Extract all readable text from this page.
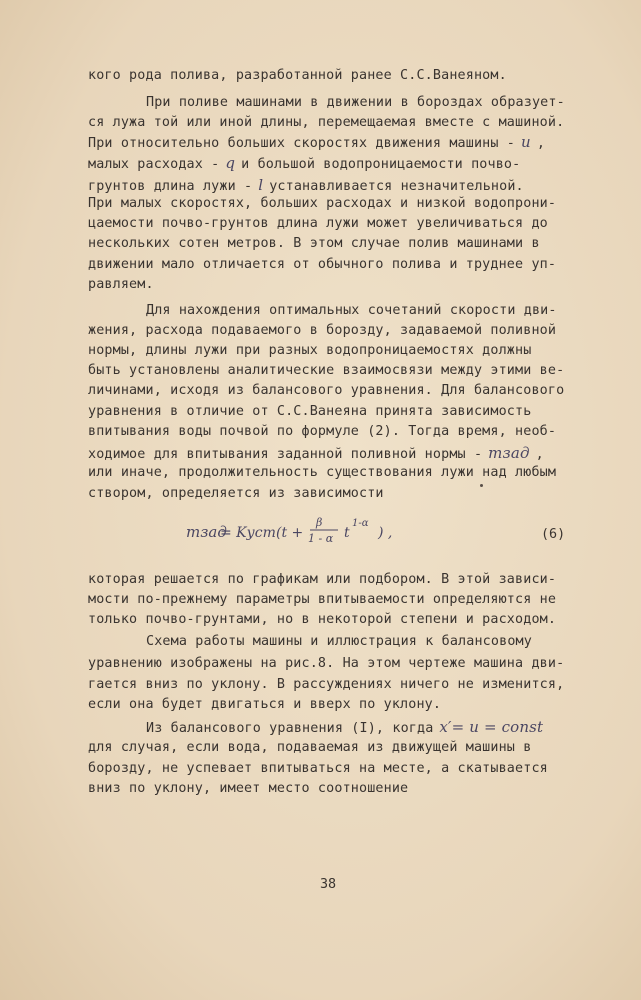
кого рода полива, разработанной ранее С.С.Ванеяном.
При поливе машинами в движении в бороздах образует-
ся лужа той или иной длины, перемещаемая вместе с машиной.
При относительно больших скоростях движения машины - u ,
малых расходах - q и большой водопроницаемости почво-
грунтов длина лужи - l устанавливается незначительной.
При малых скоростях, больших расходах и низкой водопрони-
цаемости почво-грунтов длина лужи может увеличиваться до
нескольких сотен метров. В этом случае полив машинами в
движении мало отличается от обычного полива и труднее уп-
равляем.
Для нахождения оптимальных сочетаний скорости дви-
жения, расхода подаваемого в борозду, задаваемой поливной
нормы, длины лужи при разных водопроницаемостях должны
быть установлены аналитические взаимосвязи между этими ве-
личинами, исходя из балансового уравнения. Для балансового
уравнения в отличие от С.С.Ванеяна принята зависимость
впитывания воды почвой по формуле (2). Тогда время, необ-
ходимое для впитывания заданной поливной нормы - mзад ,
или иначе, продолжительность существования лужи над любым
створом, определяется из зависимости
которая решается по графикам или подбором. В этой зависи-
мости по-прежнему параметры впитываемости определяются не
только почво-грунтами, но в некоторой степени и расходом.
Схема работы машины и иллюстрация к балансовому
уравнению изображены на рис.8. На этом чертеже машина дви-
гается вниз по уклону. В рассуждениях ничего не изменится,
если она будет двигаться и вверх по уклону.
Из балансового уравнения (I), когда x′= u = const
для случая, если вода, подаваемая из движущей машины в
борозду, не успевает впитываться на месте, а скатывается
вниз по уклону, имеет место соотношение
mзад
= Kуст (t +
β
1 - α t
1-α
) ,	(6)
38
